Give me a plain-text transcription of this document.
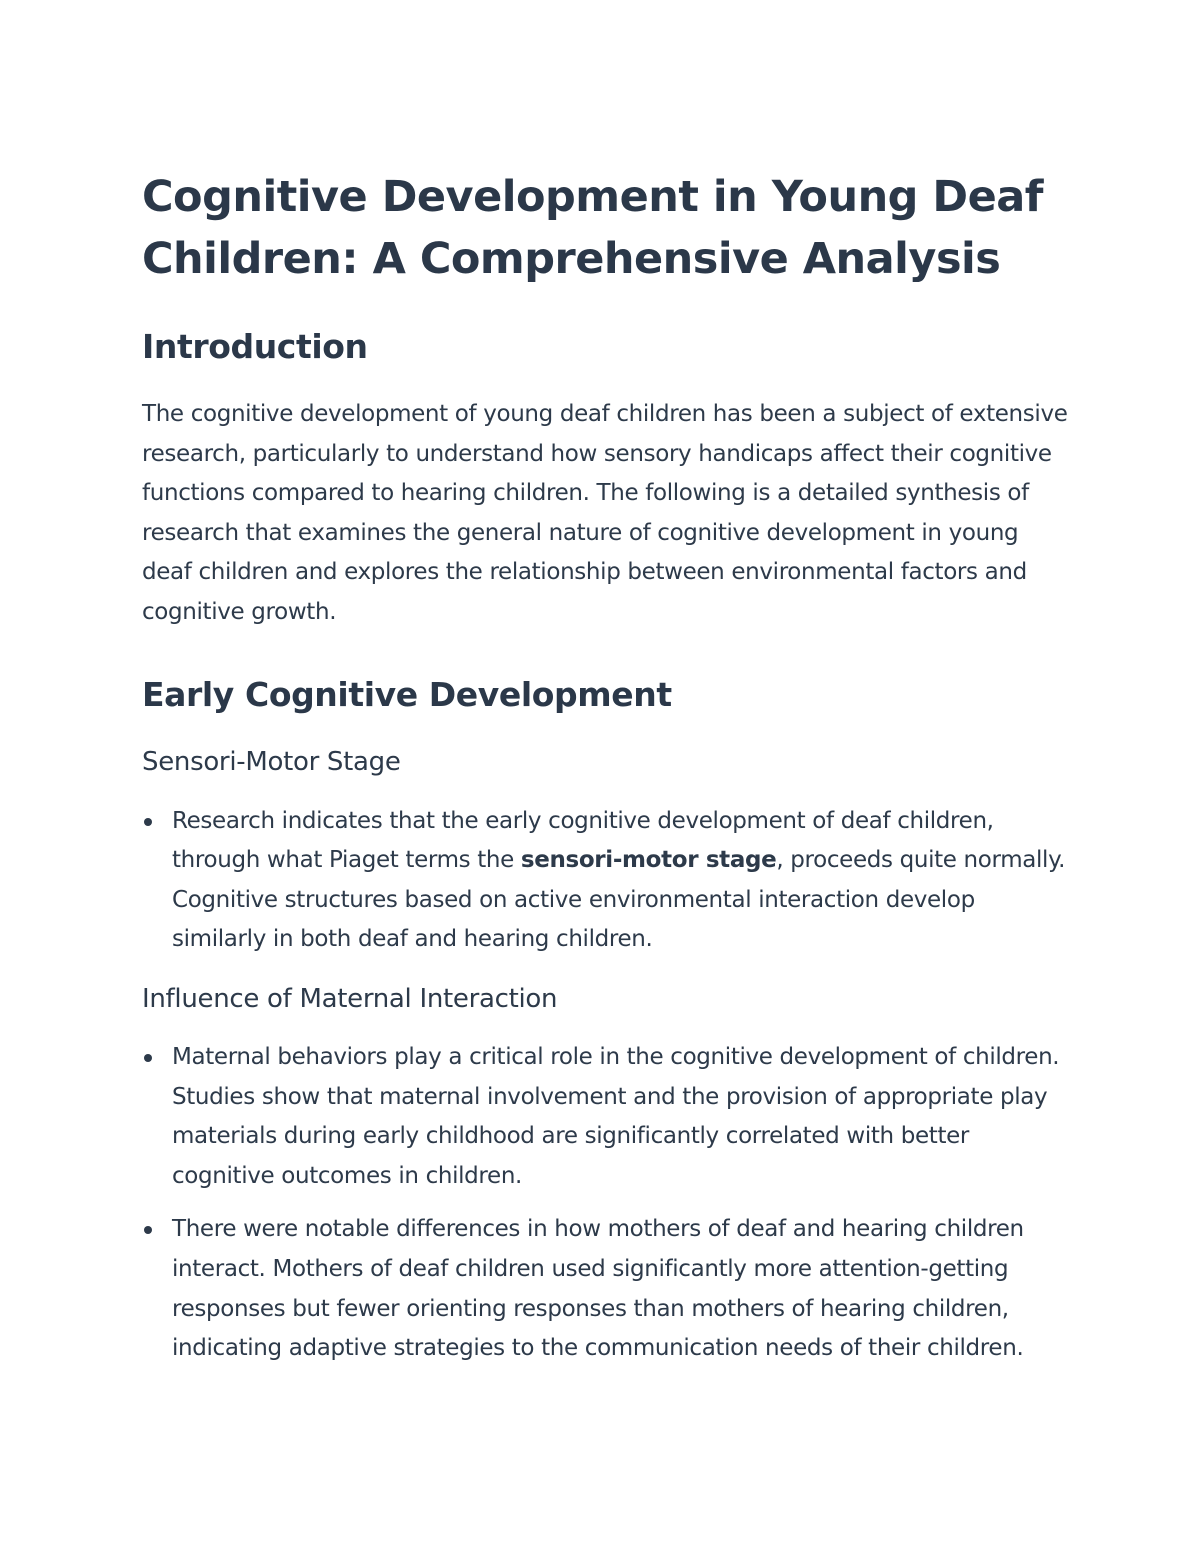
Cognitive Development in Young Deaf Children: A Comprehensive Analysis
Introduction

The cognitive development of young deaf children has been a subject of extensive research, particularly to understand how sensory handicaps affect their cognitive functions compared to hearing children. The following is a detailed synthesis of research that examines the general nature of cognitive development in young deaf children and explores the relationship between environmental factors and cognitive growth.

Early Cognitive Development
Sensori-Motor Stage
Research indicates that the early cognitive development of deaf children, through what Piaget terms the sensori-motor stage, proceeds quite normally. Cognitive structures based on active environmental interaction develop similarly in both deaf and hearing children.
Influence of Maternal Interaction
Maternal behaviors play a critical role in the cognitive development of children. Studies show that maternal involvement and the provision of appropriate play materials during early childhood are significantly correlated with better cognitive outcomes in children.
There were notable differences in how mothers of deaf and hearing children interact. Mothers of deaf children used significantly more attention-getting responses but fewer orienting responses than mothers of hearing children, indicating adaptive strategies to the communication needs of their children.
